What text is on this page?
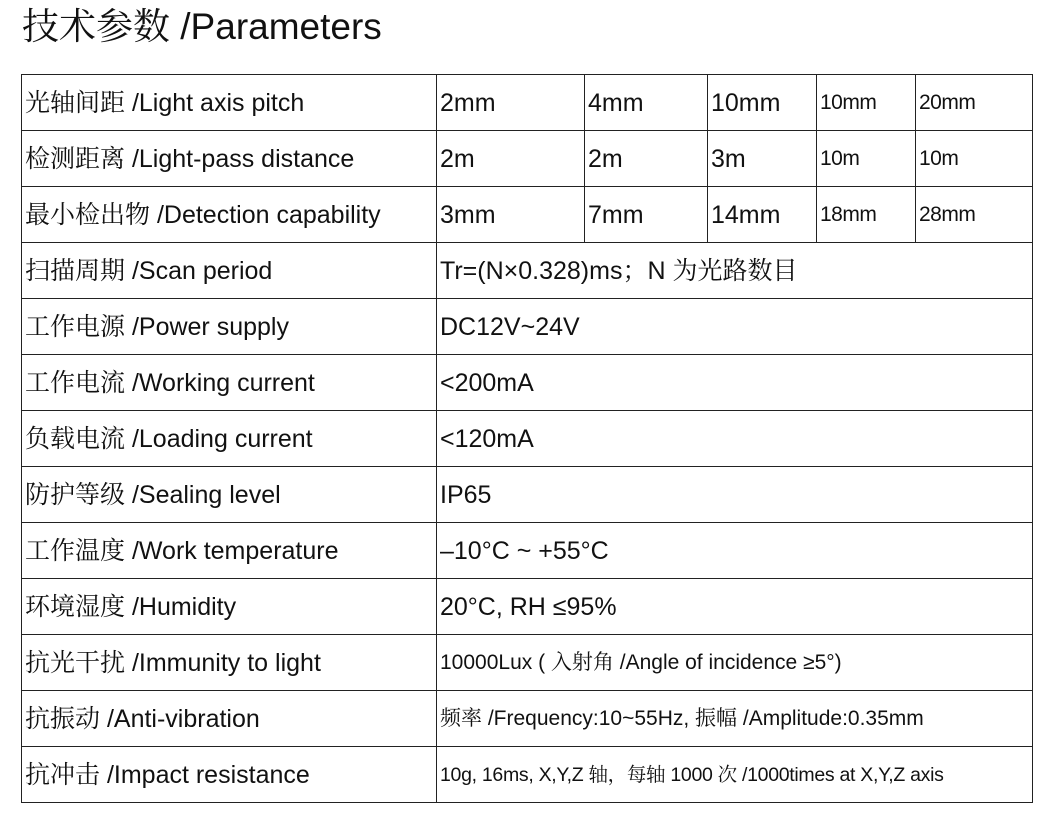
技术参数 /Parameters
光轴间距 /Light axis pitch	2mm	4mm	10mm	10mm	20mm
检测距离 /Light-pass distance	2m	2m	3m	10m	10m
最小检出物 /Detection capability	3mm	7mm	14mm	18mm	28mm
扫描周期 /Scan period	Tr=(N×0.328)ms；N 为光路数目				
工作电源 /Power supply	DC12V~24V				
工作电流 /Working current	<200mA				
负载电流 /Loading current	<120mA				
防护等级 /Sealing level	IP65				
工作温度 /Work temperature	–10°C ~ +55°C				
环境湿度 /Humidity	20°C, RH ≤95%				
抗光干扰 /Immunity to light	10000Lux ( 入射角 /Angle of incidence ≥5°)				
抗振动 /Anti-vibration	频率 /Frequency:10~55Hz, 振幅 /Amplitude:0.35mm				
抗冲击 /Impact resistance	10g, 16ms, X,Y,Z 轴，每轴 1000 次 /1000times at X,Y,Z axis				
